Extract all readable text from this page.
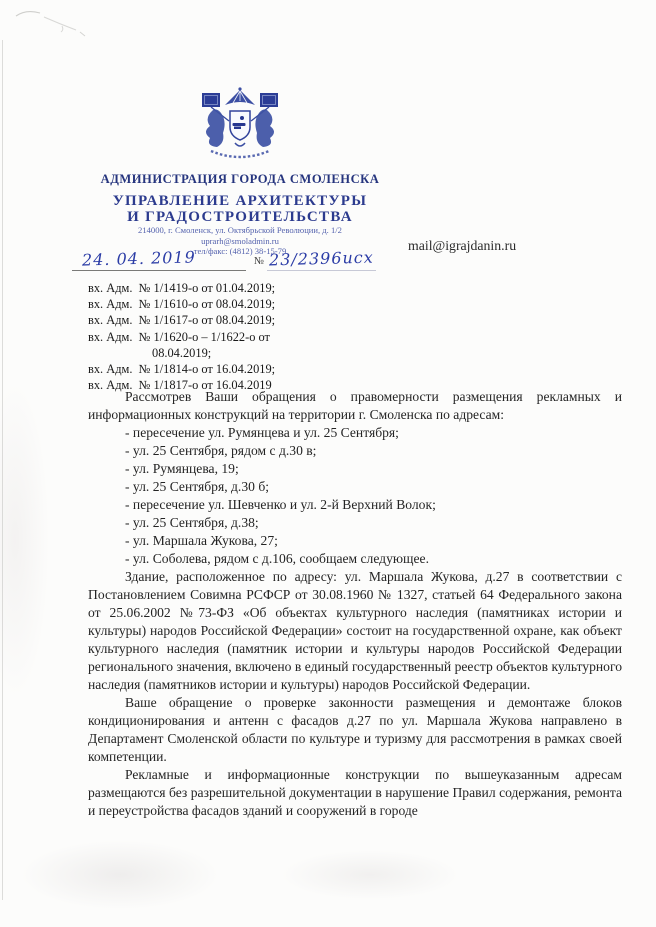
АДМИНИСТРАЦИЯ ГОРОДА СМОЛЕНСКА
УПРАВЛЕНИЕ АРХИТЕКТУРЫ
И ГРАДОСТРОИТЕЛЬСТВА
214000, г. Смоленск, ул. Октябрьской Революции, д. 1/2
uprarh@smoladmin.ru
тел/факс: (4812) 38-15-79
24. 04. 2019	№ 23/2396исх
mail@igrajdanin.ru
вх. Адм.  № 1/1419-о от 01.04.2019;
вх. Адм.  № 1/1610-о от 08.04.2019;
вх. Адм.  № 1/1617-о от 08.04.2019;
вх. Адм.  № 1/1620-о – 1/1622-о от
08.04.2019;
вх. Адм.  № 1/1814-о от 16.04.2019;
вх. Адм.  № 1/1817-о от 16.04.2019

Рассмотрев Ваши обращения о правомерности размещения рекламных и информационных конструкций на территории г. Смоленска по адресам:

- пересечение ул. Румянцева и ул. 25 Сентября;
- ул. 25 Сентября, рядом с д.30 в;
- ул. Румянцева, 19;
- ул. 25 Сентября, д.30 б;
- пересечение ул. Шевченко и ул. 2-й Верхний Волок;
- ул. 25 Сентября, д.38;
- ул. Маршала Жукова, 27;
- ул. Соболева, рядом с д.106, сообщаем следующее.

Здание, расположенное по адресу: ул. Маршала Жукова, д.27 в соответствии с Постановлением Совимна РСФСР от 30.08.1960 № 1327, статьей 64 Федерального закона от 25.06.2002 №73-ФЗ «Об объектах культурного наследия (памятниках истории и культуры) народов Российской Федерации» состоит на государственной охране, как объект культурного наследия (памятник истории и культуры народов Российской Федерации регионального значения, включено в единый государственный реестр объектов культурного наследия (памятников истории и культуры) народов Российской Федерации.

Ваше обращение о проверке законности размещения и демонтаже блоков кондиционирования и антенн с фасадов д.27 по ул. Маршала Жукова направлено в Департамент Смоленской области по культуре и туризму для рассмотрения в рамках своей компетенции.

Рекламные и информационные конструкции по вышеуказанным адресам размещаются без разрешительной документации в нарушение Правил содержания, ремонта и переустройства фасадов зданий и сооружений в городе
